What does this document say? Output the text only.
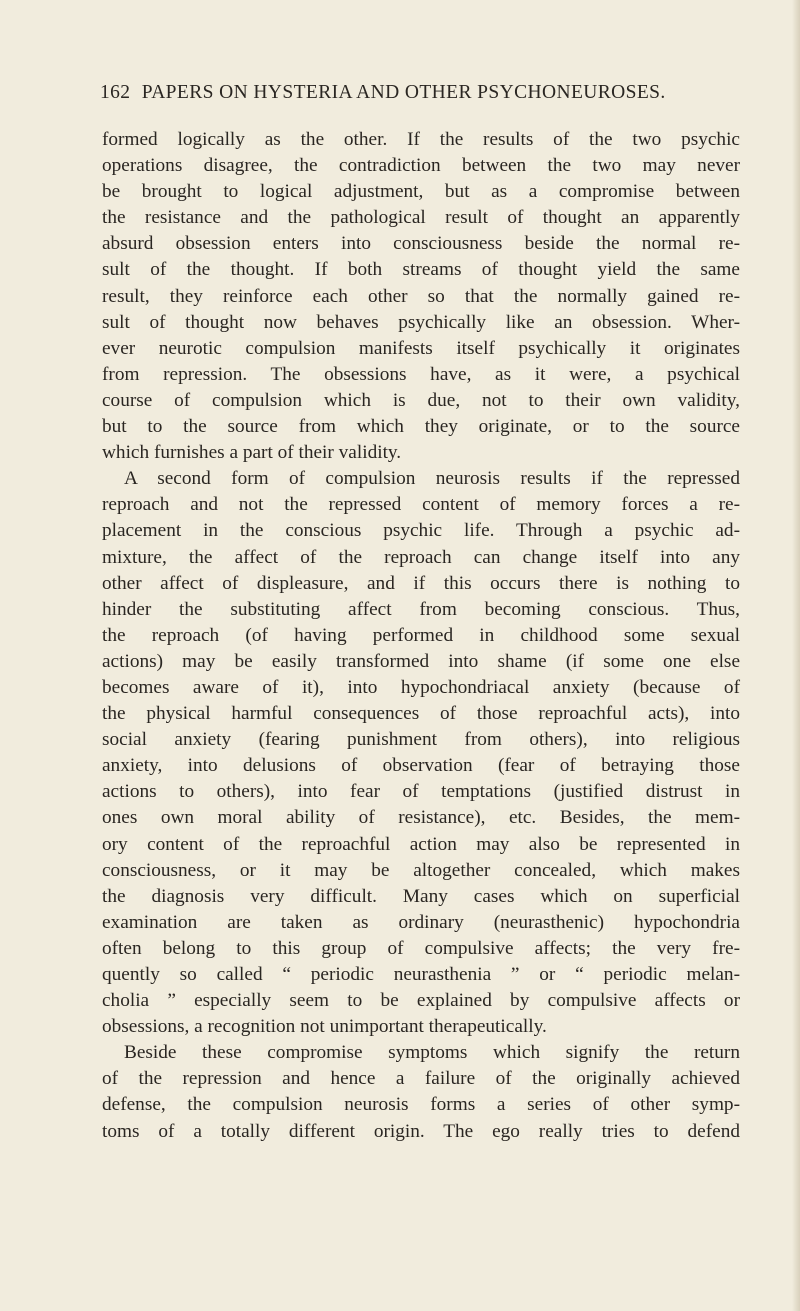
162 PAPERS ON HYSTERIA AND OTHER PSYCHONEUROSES.
formed logically as the other. If the results of the two psychic
operations disagree, the contradiction between the two may never
be brought to logical adjustment, but as a compromise between
the resistance and the pathological result of thought an apparently
absurd obsession enters into consciousness beside the normal re-
sult of the thought. If both streams of thought yield the same
result, they reinforce each other so that the normally gained re-
sult of thought now behaves psychically like an obsession. Wher-
ever neurotic compulsion manifests itself psychically it originates
from repression. The obsessions have, as it were, a psychical
course of compulsion which is due, not to their own validity,
but to the source from which they originate, or to the source
which furnishes a part of their validity.
A second form of compulsion neurosis results if the repressed
reproach and not the repressed content of memory forces a re-
placement in the conscious psychic life. Through a psychic ad-
mixture, the affect of the reproach can change itself into any
other affect of displeasure, and if this occurs there is nothing to
hinder the substituting affect from becoming conscious. Thus,
the reproach (of having performed in childhood some sexual
actions) may be easily transformed into shame (if some one else
becomes aware of it), into hypochondriacal anxiety (because of
the physical harmful consequences of those reproachful acts), into
social anxiety (fearing punishment from others), into religious
anxiety, into delusions of observation (fear of betraying those
actions to others), into fear of temptations (justified distrust in
ones own moral ability of resistance), etc. Besides, the mem-
ory content of the reproachful action may also be represented in
consciousness, or it may be altogether concealed, which makes
the diagnosis very difficult. Many cases which on superficial
examination are taken as ordinary (neurasthenic) hypochondria
often belong to this group of compulsive affects; the very fre-
quently so called “ periodic neurasthenia ” or “ periodic melan-
cholia ” especially seem to be explained by compulsive affects or
obsessions, a recognition not unimportant therapeutically.
Beside these compromise symptoms which signify the return
of the repression and hence a failure of the originally achieved
defense, the compulsion neurosis forms a series of other symp-
toms of a totally different origin. The ego really tries to defend
